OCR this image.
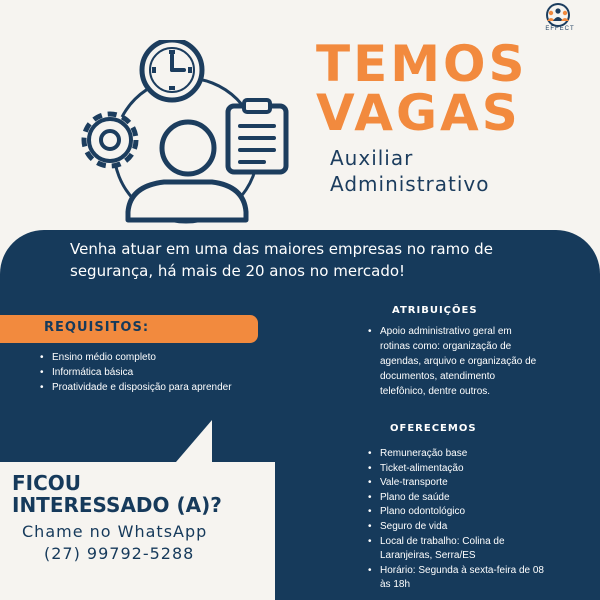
EFFECT
TEMOS
VAGAS
Auxiliar
Administrativo
Venha atuar em uma das maiores empresas no ramo de segurança, há mais de 20 anos no mercado!
REQUISITOS:
• Ensino médio completo
• Informática básica
• Proatividade e disposição para aprender
ATRIBUIÇÕES
• Apoio administrativo geral em rotinas como: organização de agendas, arquivo e organização de documentos, atendimento telefônico, dentre outros.
OFERECEMOS
• Remuneração base
• Ticket-alimentação
• Vale-transporte
• Plano de saúde
• Plano odontológico
• Seguro de vida
• Local de trabalho: Colina de Laranjeiras, Serra/ES
• Horário: Segunda à sexta-feira de 08 às 18h
FICOU
INTERESSADO (A)?
Chame no WhatsApp
(27) 99792-5288
